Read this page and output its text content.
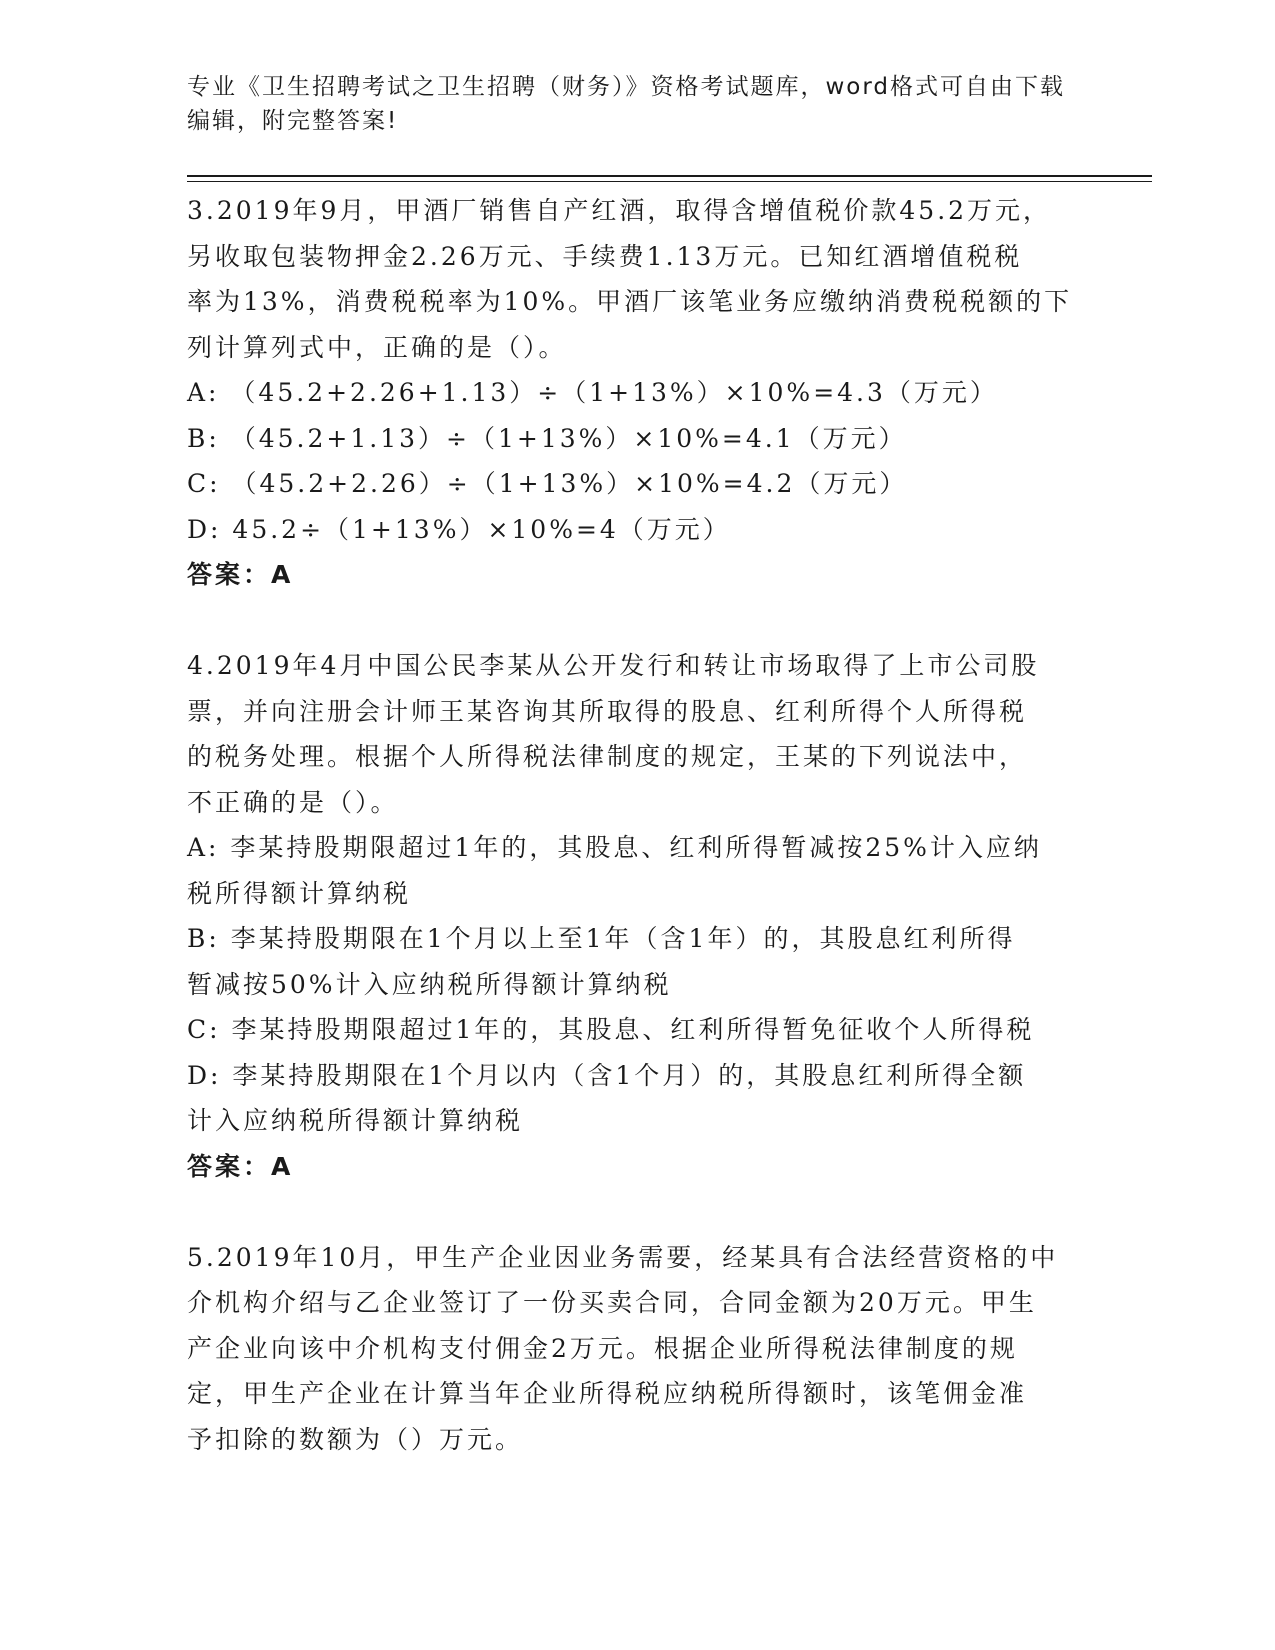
专业《卫生招聘考试之卫生招聘（财务）》资格考试题库，word格式可自由下载

编辑，附完整答案!

3.2019年9月，甲酒厂销售自产红酒，取得含增值税价款45.2万元，

另收取包装物押金2.26万元、手续费1.13万元。已知红酒增值税税

率为13%，消费税税率为10%。甲酒厂该笔业务应缴纳消费税税额的下

列计算列式中，正确的是（）。

A: （45.2+2.26+1.13）÷（1+13%）×10%=4.3（万元）

B: （45.2+1.13）÷（1+13%）×10%=4.1（万元）

C: （45.2+2.26）÷（1+13%）×10%=4.2（万元）

D: 45.2÷（1+13%）×10%=4（万元）

答案：A

4.2019年4月中国公民李某从公开发行和转让市场取得了上市公司股

票，并向注册会计师王某咨询其所取得的股息、红利所得个人所得税

的税务处理。根据个人所得税法律制度的规定，王某的下列说法中，

不正确的是（）。

A: 李某持股期限超过1年的，其股息、红利所得暂减按25%计入应纳

税所得额计算纳税

B: 李某持股期限在1个月以上至1年（含1年）的，其股息红利所得

暂减按50%计入应纳税所得额计算纳税

C: 李某持股期限超过1年的，其股息、红利所得暂免征收个人所得税

D: 李某持股期限在1个月以内（含1个月）的，其股息红利所得全额

计入应纳税所得额计算纳税

答案：A

5.2019年10月，甲生产企业因业务需要，经某具有合法经营资格的中

介机构介绍与乙企业签订了一份买卖合同，合同金额为20万元。甲生

产企业向该中介机构支付佣金2万元。根据企业所得税法律制度的规

定，甲生产企业在计算当年企业所得税应纳税所得额时，该笔佣金准

予扣除的数额为（）万元。
